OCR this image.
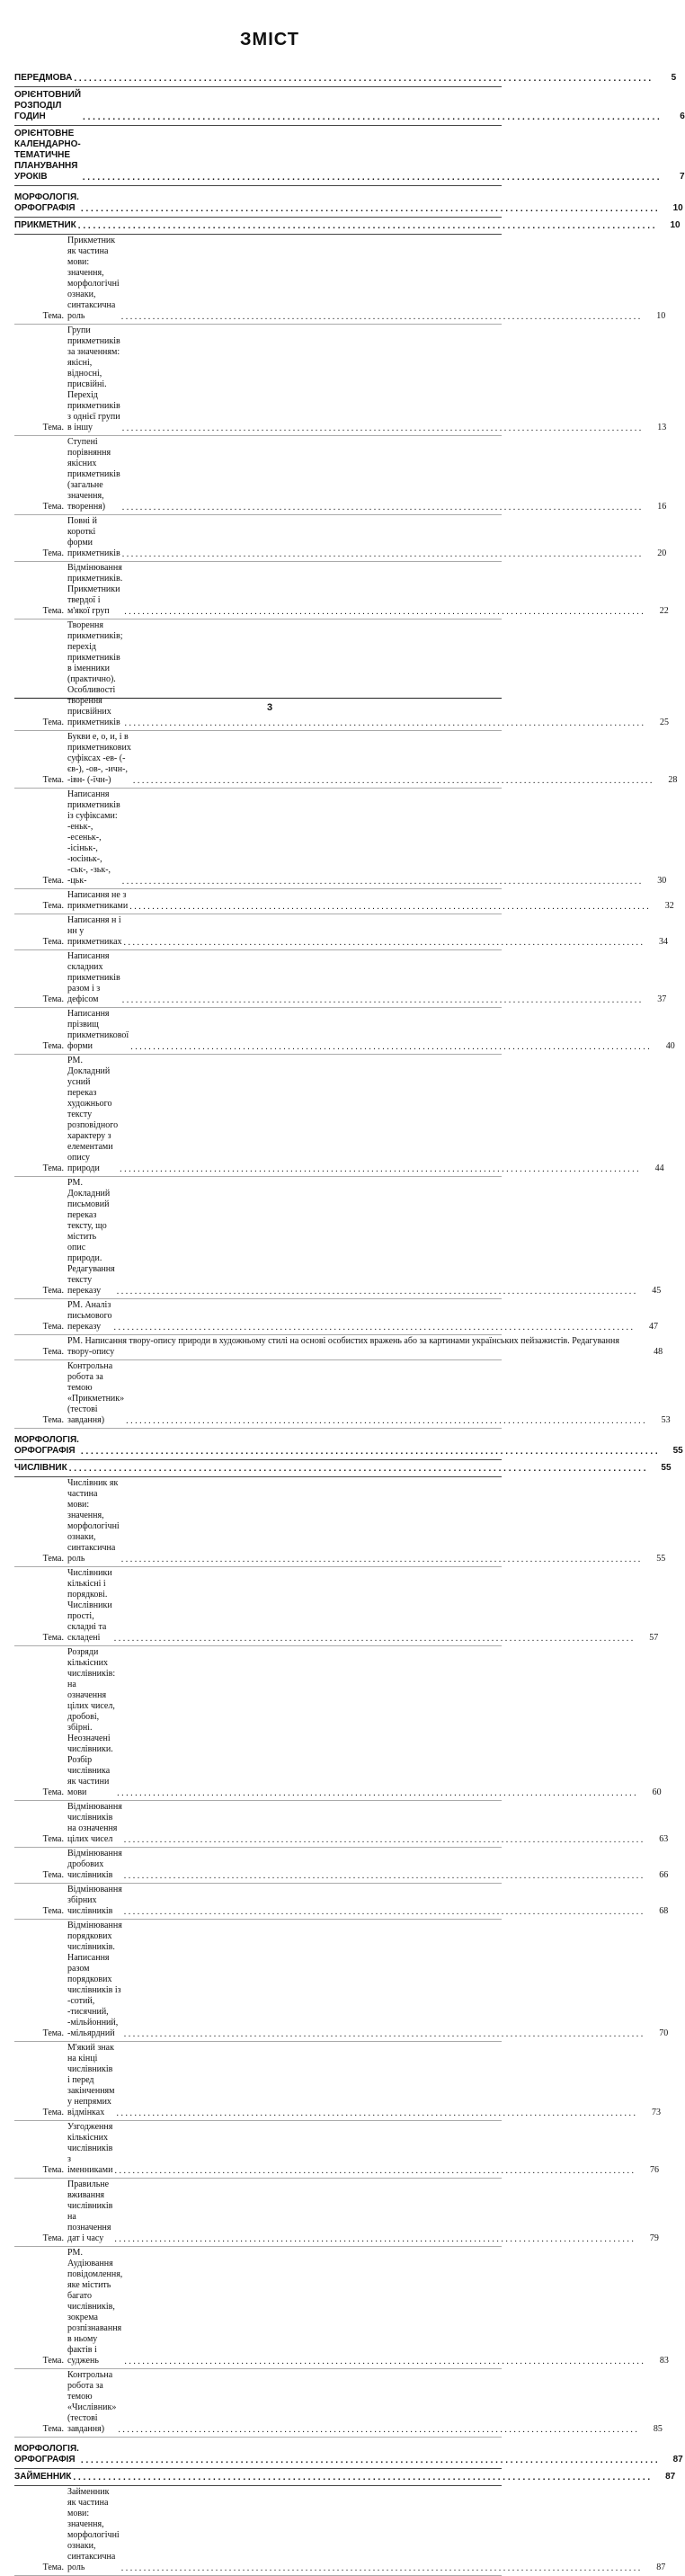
ЗМІСТ
ПЕРЕДМОВА . . .	5
ОРІЄНТОВНИЙ РОЗПОДІЛ ГОДИН . . .	6
ОРІЄНТОВНЕ КАЛЕНДАРНО-ТЕМАТИЧНЕ ПЛАНУВАННЯ УРОКІВ . . .	7
МОРФОЛОГІЯ. ОРФОГРАФІЯ . . .	10
ПРИКМЕТНИК . . .	10
Тема.
Прикметник як частина мови: значення, морфологічні ознаки, синтаксична роль . . .	10
Тема.
Групи прикметників за значенням: якісні, відносні, присвійні. Перехід прикметників з однієї групи в іншу . . .	13
Тема.
Ступені порівняння якісних прикметників (загальне значення, творення) . . .	16
Тема.
Повні й короткі форми прикметників . . .	20
Тема.
Відмінювання прикметників. Прикметники твердої і м'якої груп . . .	22
Тема.
Творення прикметників; перехід прикметників в іменники (практично). Особливості творення присвійних прикметників . . .	25
Тема.
Букви е, о, и, і в прикметникових суфіксах -ев- (-єв-), -ов-, -ичн-, -івн- (-їчн-) . . .	28
Тема.
Написання прикметників із суфіксами: -еньк-, -есеньк-, -ісіньк-, -юсіньк-, -ськ-, -зьк-, -цьк- . . .	30
Тема.
Написання не з прикметниками . . .	32
Тема.
Написання н і нн у прикметниках . . .	34
Тема.
Написання складних прикметників разом і з дефісом . . .	37
Тема.
Написання прізвищ прикметникової форми . . .	40
Тема.
РМ. Докладний усний переказ художнього тексту розповідного характеру з елементами опису природи . . .	44
Тема.
РМ. Докладний письмовий переказ тексту, що містить опис природи. Редагування тексту переказу . . .	45
Тема.
РМ. Аналіз письмового переказу . . .	47
Тема.
РМ. Написання твору-опису природи в художньому стилі на основі особистих вражень або за картинами українських пейзажистів. Редагування твору-опису	48
Тема.
Контрольна робота за темою «Прикметник» (тестові завдання) . . .	53
МОРФОЛОГІЯ. ОРФОГРАФІЯ . . .	55
ЧИСЛІВНИК . . .	55
Тема.
Числівник як частина мови: значення, морфологічні ознаки, синтаксична роль . . .	55
Тема.
Числівники кількісні і порядкові. Числівники прості, складні та складені . . .	57
Тема.
Розряди кількісних числівників: на означення цілих чисел, дробові, збірні. Неозначені числівники. Розбір числівника як частини мови . . .	60
Тема.
Відмінювання числівників на означення цілих чисел . . .	63
Тема.
Відмінювання дробових числівників . . .	66
Тема.
Відмінювання збірних числівників . . .	68
Тема.
Відмінювання порядкових числівників. Написання разом порядкових числівників із -сотий, -тисячний, -мільйонний, -мільярдний . . .	70
Тема.
М'який знак на кінці числівників і перед закінченням у непрямих відмінках . . .	73
Тема.
Узгодження кількісних числівників з іменниками . . .	76
Тема.
Правильне вживання числівників на позначення дат і часу . . .	79
Тема.
РМ. Аудіювання повідомлення, яке містить багато числівників, зокрема розпізнавання в ньому фактів і суджень . . .	83
Тема.
Контрольна робота за темою «Числівник» (тестові завдання) . . .	85
МОРФОЛОГІЯ. ОРФОГРАФІЯ . . .	87
ЗАЙМЕННИК . . .	87
Тема.
Займенник як частина мови: значення, морфологічні ознаки, синтаксична роль . . .	87
3
